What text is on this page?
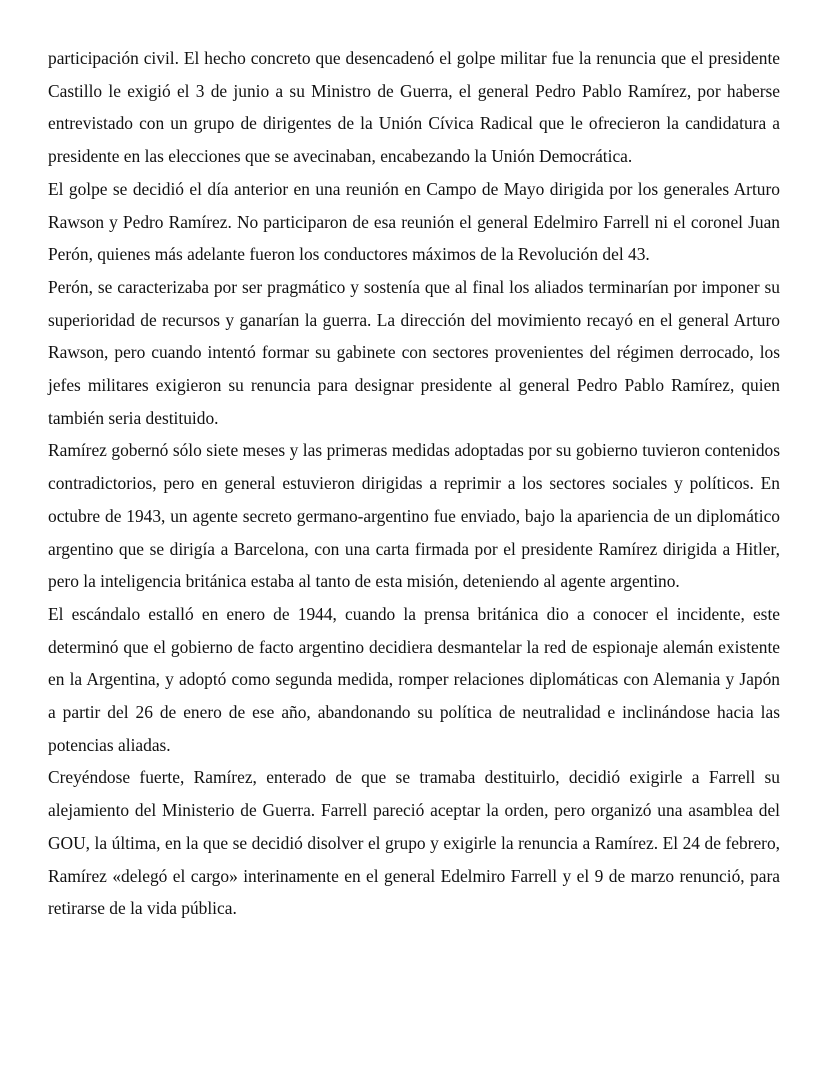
participación civil. El hecho concreto que desencadenó el golpe militar fue la renuncia que el presidente Castillo le exigió el 3 de junio a su Ministro de Guerra, el general Pedro Pablo Ramírez, por haberse entrevistado con un grupo de dirigentes de la Unión Cívica Radical que le ofrecieron la candidatura a presidente en las elecciones que se avecinaban, encabezando la Unión Democrática.

El golpe se decidió el día anterior en una reunión en Campo de Mayo dirigida por los generales Arturo Rawson y Pedro Ramírez. No participaron de esa reunión el general Edelmiro Farrell ni el coronel Juan Perón, quienes más adelante fueron los conductores máximos de la Revolución del 43.

Perón, se caracterizaba por ser pragmático y sostenía que al final los aliados terminarían por imponer su superioridad de recursos y ganarían la guerra. La dirección del movimiento recayó en el general Arturo Rawson, pero cuando intentó formar su gabinete con sectores provenientes del régimen derrocado, los jefes militares exigieron su renuncia para designar presidente al general Pedro Pablo Ramírez, quien también seria destituido.

Ramírez gobernó sólo siete meses y las primeras medidas adoptadas por su gobierno tuvieron contenidos contradictorios, pero en general estuvieron dirigidas a reprimir a los sectores sociales y políticos. En octubre de 1943, un agente secreto germano-argentino fue enviado, bajo la apariencia de un diplomático argentino que se dirigía a Barcelona, con una carta firmada por el presidente Ramírez dirigida a Hitler, pero la inteligencia británica estaba al tanto de esta misión, deteniendo al agente argentino.

El escándalo estalló en enero de 1944, cuando la prensa británica dio a conocer el incidente, este determinó que el gobierno de facto argentino decidiera desmantelar la red de espionaje alemán existente en la Argentina, y adoptó como segunda medida, romper relaciones diplomáticas con Alemania y Japón a partir del 26 de enero de ese año, abandonando su política de neutralidad e inclinándose hacia las potencias aliadas.

Creyéndose fuerte, Ramírez, enterado de que se tramaba destituirlo, decidió exigirle a Farrell su alejamiento del Ministerio de Guerra. Farrell pareció aceptar la orden, pero organizó una asamblea del GOU, la última, en la que se decidió disolver el grupo y exigirle la renuncia a Ramírez. El 24 de febrero, Ramírez «delegó el cargo» interinamente en el general Edelmiro Farrell y el 9 de marzo renunció, para retirarse de la vida pública.
